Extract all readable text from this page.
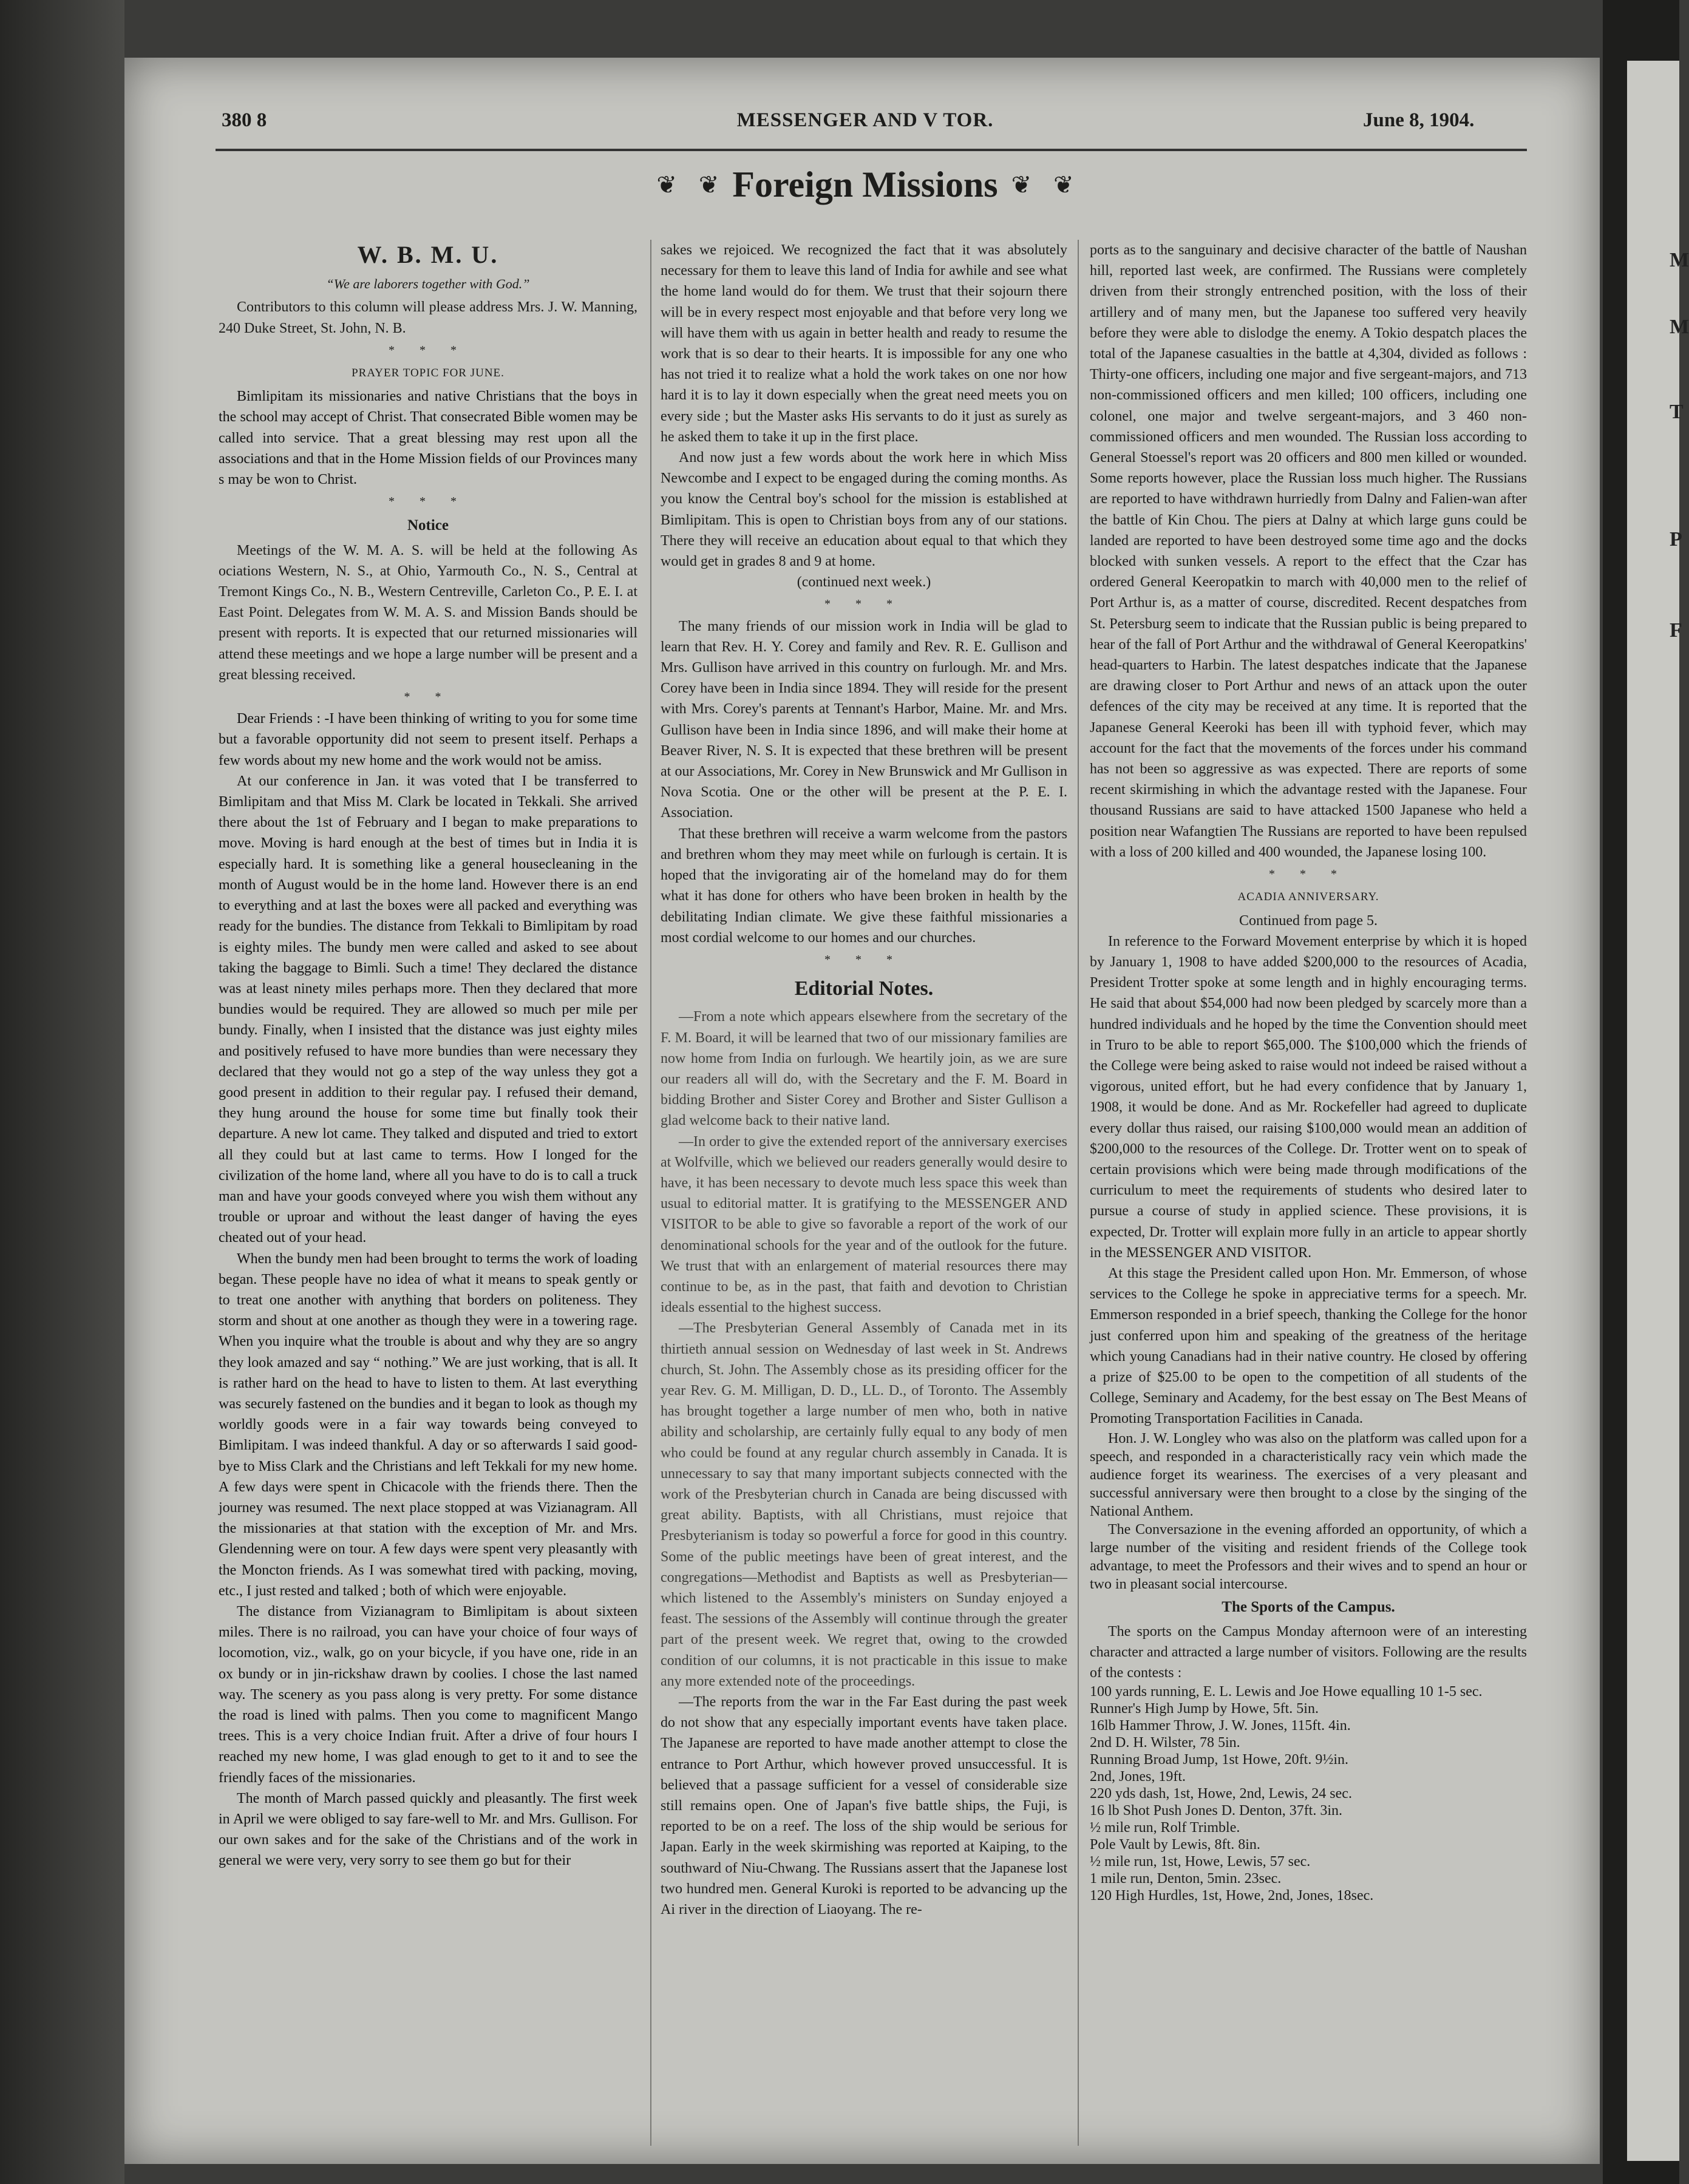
M
M
T
P
F
380 8	MESSENGER AND V TOR.	June 8, 1904.
❦ ❦ Foreign Missions ❦ ❦
W. B. M. U.
“We are laborers together with God.”

Contributors to this column will please address Mrs. J. W. Manning, 240 Duke Street, St. John, N. B.

* * *
PRAYER TOPIC FOR JUNE.

Bimlipitam its missionaries and native Christians that the boys in the school may accept of Christ. That consecrated Bible women may be called into service. That a great blessing may rest upon all the associations and that in the Home Mission fields of our Provinces many s may be won to Christ.

* * *
Notice

Meetings of the W. M. A. S. will be held at the following As ociations Western, N. S., at Ohio, Yarmouth Co., N. S., Central at Tremont Kings Co., N. B., Western Centreville, Carleton Co., P. E. I. at East Point. Delegates from W. M. A. S. and Mission Bands should be present with reports. It is expected that our returned missionaries will attend these meetings and we hope a large number will be present and a great blessing received.

* *

Dear Friends : -I have been thinking of writing to you for some time but a favorable opportunity did not seem to present itself. Perhaps a few words about my new home and the work would not be amiss.

At our conference in Jan. it was voted that I be transferred to Bimlipitam and that Miss M. Clark be located in Tekkali. She arrived there about the 1st of February and I began to make preparations to move. Moving is hard enough at the best of times but in India it is especially hard. It is something like a general housecleaning in the month of August would be in the home land. However there is an end to everything and at last the boxes were all packed and everything was ready for the bundies. The distance from Tekkali to Bimlipitam by road is eighty miles. The bundy men were called and asked to see about taking the baggage to Bimli. Such a time! They declared the distance was at least ninety miles perhaps more. Then they declared that more bundies would be required. They are allowed so much per mile per bundy. Finally, when I insisted that the distance was just eighty miles and positively refused to have more bundies than were necessary they declared that they would not go a step of the way unless they got a good present in addition to their regular pay. I refused their demand, they hung around the house for some time but finally took their departure. A new lot came. They talked and disputed and tried to extort all they could but at last came to terms. How I longed for the civilization of the home land, where all you have to do is to call a truck man and have your goods conveyed where you wish them without any trouble or uproar and without the least danger of having the eyes cheated out of your head.

When the bundy men had been brought to terms the work of loading began. These people have no idea of what it means to speak gently or to treat one another with anything that borders on politeness. They storm and shout at one another as though they were in a towering rage. When you inquire what the trouble is about and why they are so angry they look amazed and say “ nothing.” We are just working, that is all. It is rather hard on the head to have to listen to them. At last everything was securely fastened on the bundies and it began to look as though my worldly goods were in a fair way towards being conveyed to Bimlipitam. I was indeed thankful. A day or so afterwards I said good-bye to Miss Clark and the Christians and left Tekkali for my new home. A few days were spent in Chicacole with the friends there. Then the journey was resumed. The next place stopped at was Vizianagram. All the missionaries at that station with the exception of Mr. and Mrs. Glendenning were on tour. A few days were spent very pleasantly with the Moncton friends. As I was somewhat tired with packing, moving, etc., I just rested and talked ; both of which were enjoyable.

The distance from Vizianagram to Bimlipitam is about sixteen miles. There is no railroad, you can have your choice of four ways of locomotion, viz., walk, go on your bicycle, if you have one, ride in an ox bundy or in jin-rickshaw drawn by coolies. I chose the last named way. The scenery as you pass along is very pretty. For some distance the road is lined with palms. Then you come to magnificent Mango trees. This is a very choice Indian fruit. After a drive of four hours I reached my new home, I was glad enough to get to it and to see the friendly faces of the missionaries.

The month of March passed quickly and pleasantly. The first week in April we were obliged to say fare-well to Mr. and Mrs. Gullison. For our own sakes and for the sake of the Christians and of the work in general we were very, very sorry to see them go but for their

sakes we rejoiced. We recognized the fact that it was absolutely necessary for them to leave this land of India for awhile and see what the home land would do for them. We trust that their sojourn there will be in every respect most enjoyable and that before very long we will have them with us again in better health and ready to resume the work that is so dear to their hearts. It is impossible for any one who has not tried it to realize what a hold the work takes on one nor how hard it is to lay it down especially when the great need meets you on every side ; but the Master asks His servants to do it just as surely as he asked them to take it up in the first place.

And now just a few words about the work here in which Miss Newcombe and I expect to be engaged during the coming months. As you know the Central boy's school for the mission is established at Bimlipitam. This is open to Christian boys from any of our stations. There they will receive an education about equal to that which they would get in grades 8 and 9 at home.

(continued next week.)

* * *

The many friends of our mission work in India will be glad to learn that Rev. H. Y. Corey and family and Rev. R. E. Gullison and Mrs. Gullison have arrived in this country on furlough. Mr. and Mrs. Corey have been in India since 1894. They will reside for the present with Mrs. Corey's parents at Tennant's Harbor, Maine. Mr. and Mrs. Gullison have been in India since 1896, and will make their home at Beaver River, N. S. It is expected that these brethren will be present at our Associations, Mr. Corey in New Brunswick and Mr Gullison in Nova Scotia. One or the other will be present at the P. E. I. Association.

That these brethren will receive a warm welcome from the pastors and brethren whom they may meet while on furlough is certain. It is hoped that the invigorating air of the homeland may do for them what it has done for others who have been broken in health by the debilitating Indian climate. We give these faithful missionaries a most cordial welcome to our homes and our churches.

* * *
Editorial Notes.

—From a note which appears elsewhere from the secretary of the F. M. Board, it will be learned that two of our missionary families are now home from India on furlough. We heartily join, as we are sure our readers all will do, with the Secretary and the F. M. Board in bidding Brother and Sister Corey and Brother and Sister Gullison a glad welcome back to their native land.

—In order to give the extended report of the anniversary exercises at Wolfville, which we believed our readers generally would desire to have, it has been necessary to devote much less space this week than usual to editorial matter. It is gratifying to the MESSENGER AND VISITOR to be able to give so favorable a report of the work of our denominational schools for the year and of the outlook for the future. We trust that with an enlargement of material resources there may continue to be, as in the past, that faith and devotion to Christian ideals essential to the highest success.

—The Presbyterian General Assembly of Canada met in its thirtieth annual session on Wednesday of last week in St. Andrews church, St. John. The Assembly chose as its presiding officer for the year Rev. G. M. Milligan, D. D., LL. D., of Toronto. The Assembly has brought together a large number of men who, both in native ability and scholarship, are certainly fully equal to any body of men who could be found at any regular church assembly in Canada. It is unnecessary to say that many important subjects connected with the work of the Presbyterian church in Canada are being discussed with great ability. Baptists, with all Christians, must rejoice that Presbyterianism is today so powerful a force for good in this country. Some of the public meetings have been of great interest, and the congregations—Methodist and Baptists as well as Presbyterian—which listened to the Assembly's ministers on Sunday enjoyed a feast. The sessions of the Assembly will continue through the greater part of the present week. We regret that, owing to the crowded condition of our columns, it is not practicable in this issue to make any more extended note of the proceedings.

—The reports from the war in the Far East during the past week do not show that any especially important events have taken place. The Japanese are reported to have made another attempt to close the entrance to Port Arthur, which however proved unsuccessful. It is believed that a passage sufficient for a vessel of considerable size still remains open. One of Japan's five battle ships, the Fuji, is reported to be on a reef. The loss of the ship would be serious for Japan. Early in the week skirmishing was reported at Kaiping, to the southward of Niu-Chwang. The Russians assert that the Japanese lost two hundred men. General Kuroki is reported to be advancing up the Ai river in the direction of Liaoyang. The re-

ports as to the sanguinary and decisive character of the battle of Naushan hill, reported last week, are confirmed. The Russians were completely driven from their strongly entrenched position, with the loss of their artillery and of many men, but the Japanese too suffered very heavily before they were able to dislodge the enemy. A Tokio despatch places the total of the Japanese casualties in the battle at 4,304, divided as follows : Thirty-one officers, including one major and five sergeant-majors, and 713 non-commissioned officers and men killed; 100 officers, including one colonel, one major and twelve sergeant-majors, and 3 460 non-commissioned officers and men wounded. The Russian loss according to General Stoessel's report was 20 officers and 800 men killed or wounded. Some reports however, place the Russian loss much higher. The Russians are reported to have withdrawn hurriedly from Dalny and Falien-wan after the battle of Kin Chou. The piers at Dalny at which large guns could be landed are reported to have been destroyed some time ago and the docks blocked with sunken vessels. A report to the effect that the Czar has ordered General Keeropatkin to march with 40,000 men to the relief of Port Arthur is, as a matter of course, discredited. Recent despatches from St. Petersburg seem to indicate that the Russian public is being prepared to hear of the fall of Port Arthur and the withdrawal of General Keeropatkins' head-quarters to Harbin. The latest despatches indicate that the Japanese are drawing closer to Port Arthur and news of an attack upon the outer defences of the city may be received at any time. It is reported that the Japanese General Keeroki has been ill with typhoid fever, which may account for the fact that the movements of the forces under his command has not been so aggressive as was expected. There are reports of some recent skirmishing in which the advantage rested with the Japanese. Four thousand Russians are said to have attacked 1500 Japanese who held a position near Wafangtien The Russians are reported to have been repulsed with a loss of 200 killed and 400 wounded, the Japanese losing 100.

* * *
ACADIA ANNIVERSARY.

Continued from page 5.

In reference to the Forward Movement enterprise by which it is hoped by January 1, 1908 to have added $200,000 to the resources of Acadia, President Trotter spoke at some length and in highly encouraging terms. He said that about $54,000 had now been pledged by scarcely more than a hundred individuals and he hoped by the time the Convention should meet in Truro to be able to report $65,000. The $100,000 which the friends of the College were being asked to raise would not indeed be raised without a vigorous, united effort, but he had every confidence that by January 1, 1908, it would be done. And as Mr. Rockefeller had agreed to duplicate every dollar thus raised, our raising $100,000 would mean an addition of $200,000 to the resources of the College. Dr. Trotter went on to speak of certain provisions which were being made through modifications of the curriculum to meet the requirements of students who desired later to pursue a course of study in applied science. These provisions, it is expected, Dr. Trotter will explain more fully in an article to appear shortly in the MESSENGER AND VISITOR.

At this stage the President called upon Hon. Mr. Emmerson, of whose services to the College he spoke in appreciative terms for a speech. Mr. Emmerson responded in a brief speech, thanking the College for the honor just conferred upon him and speaking of the greatness of the heritage which young Canadians had in their native country. He closed by offering a prize of $25.00 to be open to the competition of all students of the College, Seminary and Academy, for the best essay on The Best Means of Promoting Transportation Facilities in Canada.

Hon. J. W. Longley who was also on the platform was called upon for a speech, and responded in a characteristically racy vein which made the audience forget its weariness. The exercises of a very pleasant and successful anniversary were then brought to a close by the singing of the National Anthem.

The Conversazione in the evening afforded an opportunity, of which a large number of the visiting and resident friends of the College took advantage, to meet the Professors and their wives and to spend an hour or two in pleasant social intercourse.

The Sports of the Campus.

The sports on the Campus Monday afternoon were of an interesting character and attracted a large number of visitors. Following are the results of the contests :

100 yards running, E. L. Lewis and Joe Howe equalling 10 1-5 sec.
Runner's High Jump by Howe, 5ft. 5in.
16lb Hammer Throw, J. W. Jones, 115ft. 4in.
2nd D. H. Wilster, 78 5in.
Running Broad Jump, 1st Howe, 20ft. 9½in.
2nd, Jones, 19ft.
220 yds dash, 1st, Howe, 2nd, Lewis, 24 sec.
16 lb Shot Push Jones D. Denton, 37ft. 3in.
½ mile run, Rolf Trimble.
Pole Vault by Lewis, 8ft. 8in.
½ mile run, 1st, Howe, Lewis, 57 sec.
1 mile run, Denton, 5min. 23sec.
120 High Hurdles, 1st, Howe, 2nd, Jones, 18sec.
